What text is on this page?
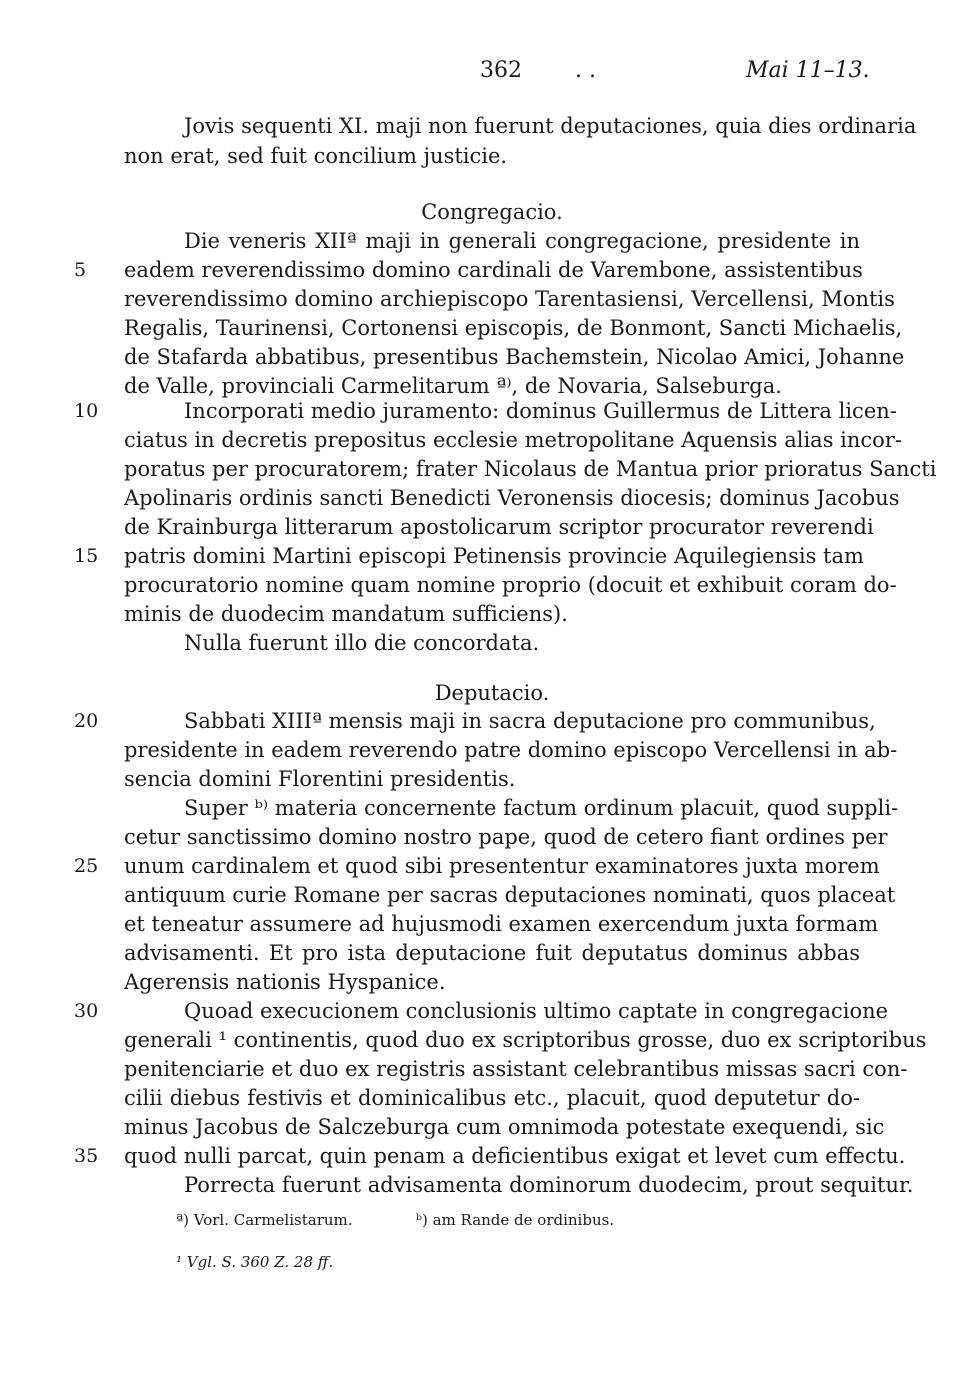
362 . .	Mai 11–13.
Jovis sequenti XI. maji non fuerunt deputaciones, quia dies ordinaria
non erat, sed fuit concilium justicie.
Congregacio.
Die veneris XIIª maji in generali congregacione, presidente in
5	eadem reverendissimo domino cardinali de Varembone, assistentibus
reverendissimo domino archiepiscopo Tarentasiensi, Vercellensi, Montis
Regalis, Taurinensi, Cortonensi episcopis, de Bonmont, Sancti Michaelis,
de Stafarda abbatibus, presentibus Bachemstein, Nicolao Amici, Johanne
de Valle, provinciali Carmelitarum ª⁾, de Novaria, Salseburga.
10	Incorporati medio juramento: dominus Guillermus de Littera licen-
ciatus in decretis prepositus ecclesie metropolitane Aquensis alias incor-
poratus per procuratorem; frater Nicolaus de Mantua prior prioratus Sancti
Apolinaris ordinis sancti Benedicti Veronensis diocesis; dominus Jacobus
de Krainburga litterarum apostolicarum scriptor procurator reverendi
15	patris domini Martini episcopi Petinensis provincie Aquilegiensis tam
procuratorio nomine quam nomine proprio (docuit et exhibuit coram do-
minis de duodecim mandatum sufficiens).
Nulla fuerunt illo die concordata.
Deputacio.
20	Sabbati XIIIª mensis maji in sacra deputacione pro communibus,
presidente in eadem reverendo patre domino episcopo Vercellensi in ab-
sencia domini Florentini presidentis.
Super ᵇ⁾ materia concernente factum ordinum placuit, quod suppli-
cetur sanctissimo domino nostro pape, quod de cetero fiant ordines per
25	unum cardinalem et quod sibi presententur examinatores juxta morem
antiquum curie Romane per sacras deputaciones nominati, quos placeat
et teneatur assumere ad hujusmodi examen exercendum juxta formam
advisamenti. Et pro ista deputacione fuit deputatus dominus abbas
Agerensis nationis Hyspanice.
30	Quoad execucionem conclusionis ultimo captate in congregacione
generali ¹ continentis, quod duo ex scriptoribus grosse, duo ex scriptoribus
penitenciarie et duo ex registris assistant celebrantibus missas sacri con-
cilii diebus festivis et dominicalibus etc., placuit, quod deputetur do-
minus Jacobus de Salczeburga cum omnimoda potestate exequendi, sic
35	quod nulli parcat, quin penam a deficientibus exigat et levet cum effectu.
Porrecta fuerunt advisamenta dominorum duodecim, prout sequitur.
ª) Vorl. Carmelistarum.	ᵇ) am Rande de ordinibus.
¹ Vgl. S. 360 Z. 28 ff.
